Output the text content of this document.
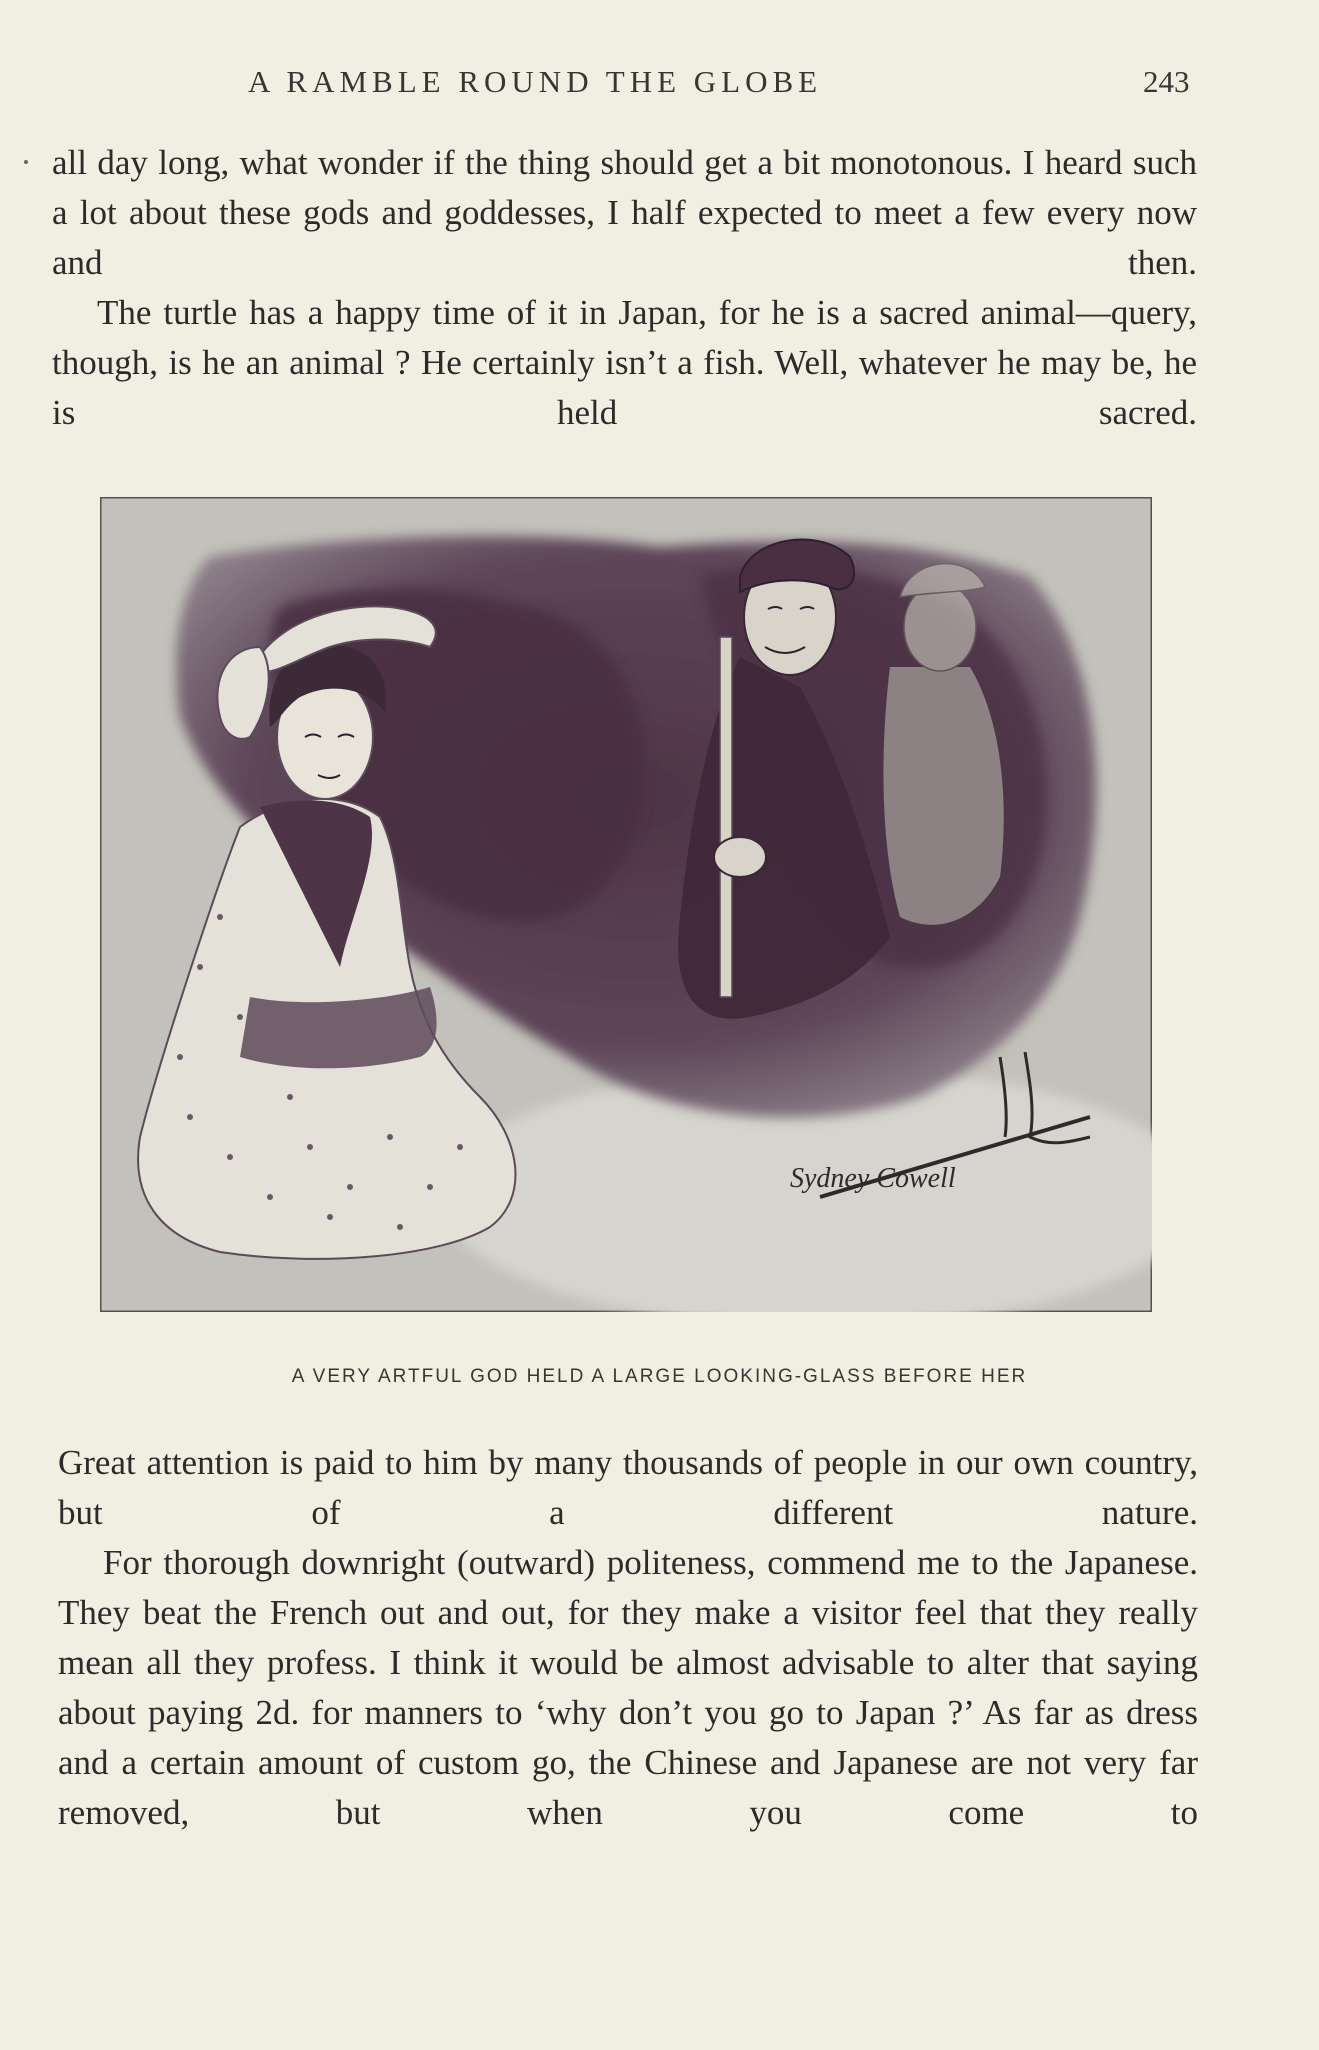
A RAMBLE ROUND THE GLOBE	243

all day long, what wonder if the thing should get a bit monotonous. I heard such a lot about these gods and goddesses, I half expected to meet a few every now and then.

The turtle has a happy time of it in Japan, for he is a sacred animal—query, though, is he an animal ? He certainly isn’t a fish. Well, whatever he may be, he is held sacred.

Sydney Cowell
A VERY ARTFUL GOD HELD A LARGE LOOKING-GLASS BEFORE HER

Great attention is paid to him by many thousands of people in our own country, but of a different nature.

For thorough downright (outward) politeness, commend me to the Japanese. They beat the French out and out, for they make a visitor feel that they really mean all they profess. I think it would be almost advisable to alter that saying about paying 2d. for manners to ‘why don’t you go to Japan ?’ As far as dress and a certain amount of custom go, the Chinese and Japanese are not very far removed, but when you come to
